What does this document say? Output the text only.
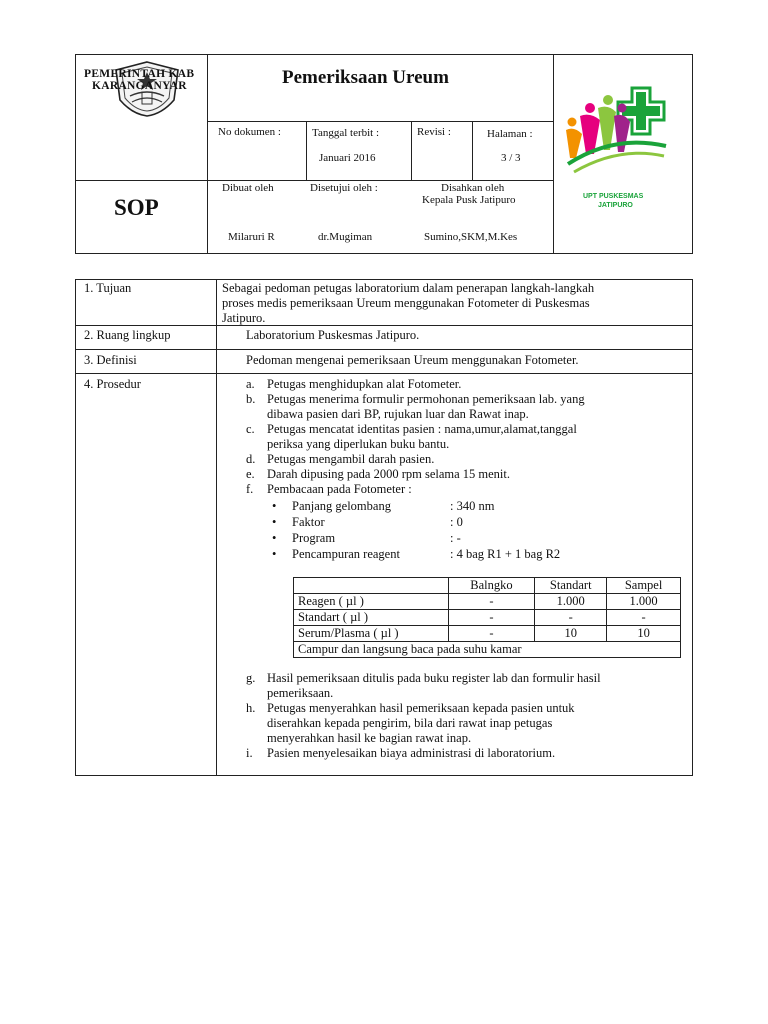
PEMERINTAH KAB
KARANGANYAR	Pemeriksaan Ureum
SOP
No dokumen :	Tanggal terbit :
Januari 2016
Revisi :	Halaman :
3 / 3
Dibuat oleh
Milaruri R
Disetujui oleh :
dr.Mugiman
Disahkan oleh
Kepala Pusk Jatipuro
Sumino,SKM,M.Kes
UPT PUSKESMAS
JATIPURO
1. Tujuan	Sebagai pedoman petugas laboratorium dalam penerapan langkah-langkah
proses medis pemeriksaan Ureum menggunakan Fotometer di Puskesmas
Jatipuro.
2. Ruang lingkup	Laboratorium Puskesmas Jatipuro.
3. Definisi	Pedoman mengenai pemeriksaan Ureum menggunakan Fotometer.
4. Prosedur	a. Petugas menghidupkan alat Fotometer.
b. Petugas menerima formulir permohonan pemeriksaan lab. yang
dibawa pasien dari BP, rujukan luar dan Rawat inap.
c. Petugas mencatat identitas pasien : nama,umur,alamat,tanggal
periksa yang diperlukan buku bantu.
d. Petugas mengambil darah pasien.
e. Darah dipusing pada 2000 rpm selama 15 menit.
f. Pembacaan pada Fotometer :
• Panjang gelombang	: 340 nm
• Faktor	: 0
• Program	: -
• Pencampuran reagent	: 4 bag R1 + 1 bag R2
	Balngko	Standart	Sampel
Reagen ( µl )	-	1.000	1.000
Standart ( µl )	-	-	-
Serum/Plasma ( µl )	-	10	10
Campur dan langsung baca pada suhu kamar			
g. Hasil pemeriksaan ditulis pada buku register lab dan formulir hasil
pemeriksaan.
h. Petugas menyerahkan hasil pemeriksaan kepada pasien untuk
diserahkan kepada pengirim, bila dari rawat inap petugas
menyerahkan hasil ke bagian rawat inap.
i. Pasien menyelesaikan biaya administrasi di laboratorium.
